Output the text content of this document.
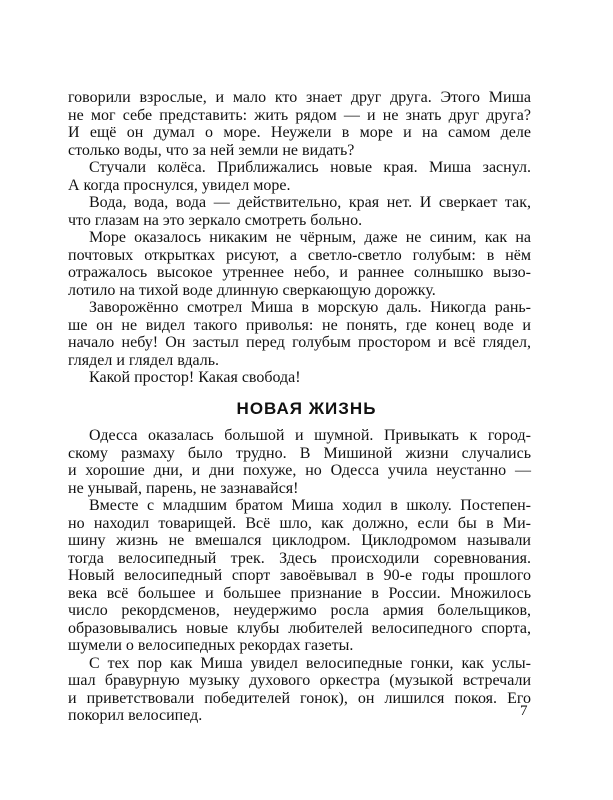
говорили взрослые, и мало кто знает друг друга. Этого Миша
не мог себе представить: жить рядом — и не знать друг друга?
И ещё он думал о море. Неужели в море и на самом деле
столько воды, что за ней земли не видать?
Стучали колёса. Приближались новые края. Миша заснул.
А когда проснулся, увидел море.
Вода, вода, вода — действительно, края нет. И сверкает так,
что глазам на это зеркало смотреть больно.
Море оказалось никаким не чёрным, даже не синим, как на
почтовых открытках рисуют, а светло-светло голубым: в нём
отражалось высокое утреннее небо, и раннее солнышко вызо-
лотило на тихой воде длинную сверкающую дорожку.
Заворожённо смотрел Миша в морскую даль. Никогда рань-
ше он не видел такого приволья: не понять, где конец воде и
начало небу! Он застыл перед голубым простором и всё глядел,
глядел и глядел вдаль.
Какой простор! Какая свобода!
НОВАЯ ЖИЗНЬ
Одесса оказалась большой и шумной. Привыкать к город-
скому размаху было трудно. В Мишиной жизни случались
и хорошие дни, и дни похуже, но Одесса учила неустанно —
не унывай, парень, не зазнавайся!
Вместе с младшим братом Миша ходил в школу. Постепен-
но находил товарищей. Всё шло, как должно, если бы в Ми-
шину жизнь не вмешался циклодром. Циклодромом называли
тогда велосипедный трек. Здесь происходили соревнования.
Новый велосипедный спорт завоёвывал в 90-е годы прошлого
века всё большее и большее признание в России. Множилось
число рекордсменов, неудержимо росла армия болельщиков,
образовывались новые клубы любителей велосипедного спорта,
шумели о велосипедных рекордах газеты.
С тех пор как Миша увидел велосипедные гонки, как услы-
шал бравурную музыку духового оркестра (музыкой встречали
и приветствовали победителей гонок), он лишился покоя. Его
покорил велосипед.	7
